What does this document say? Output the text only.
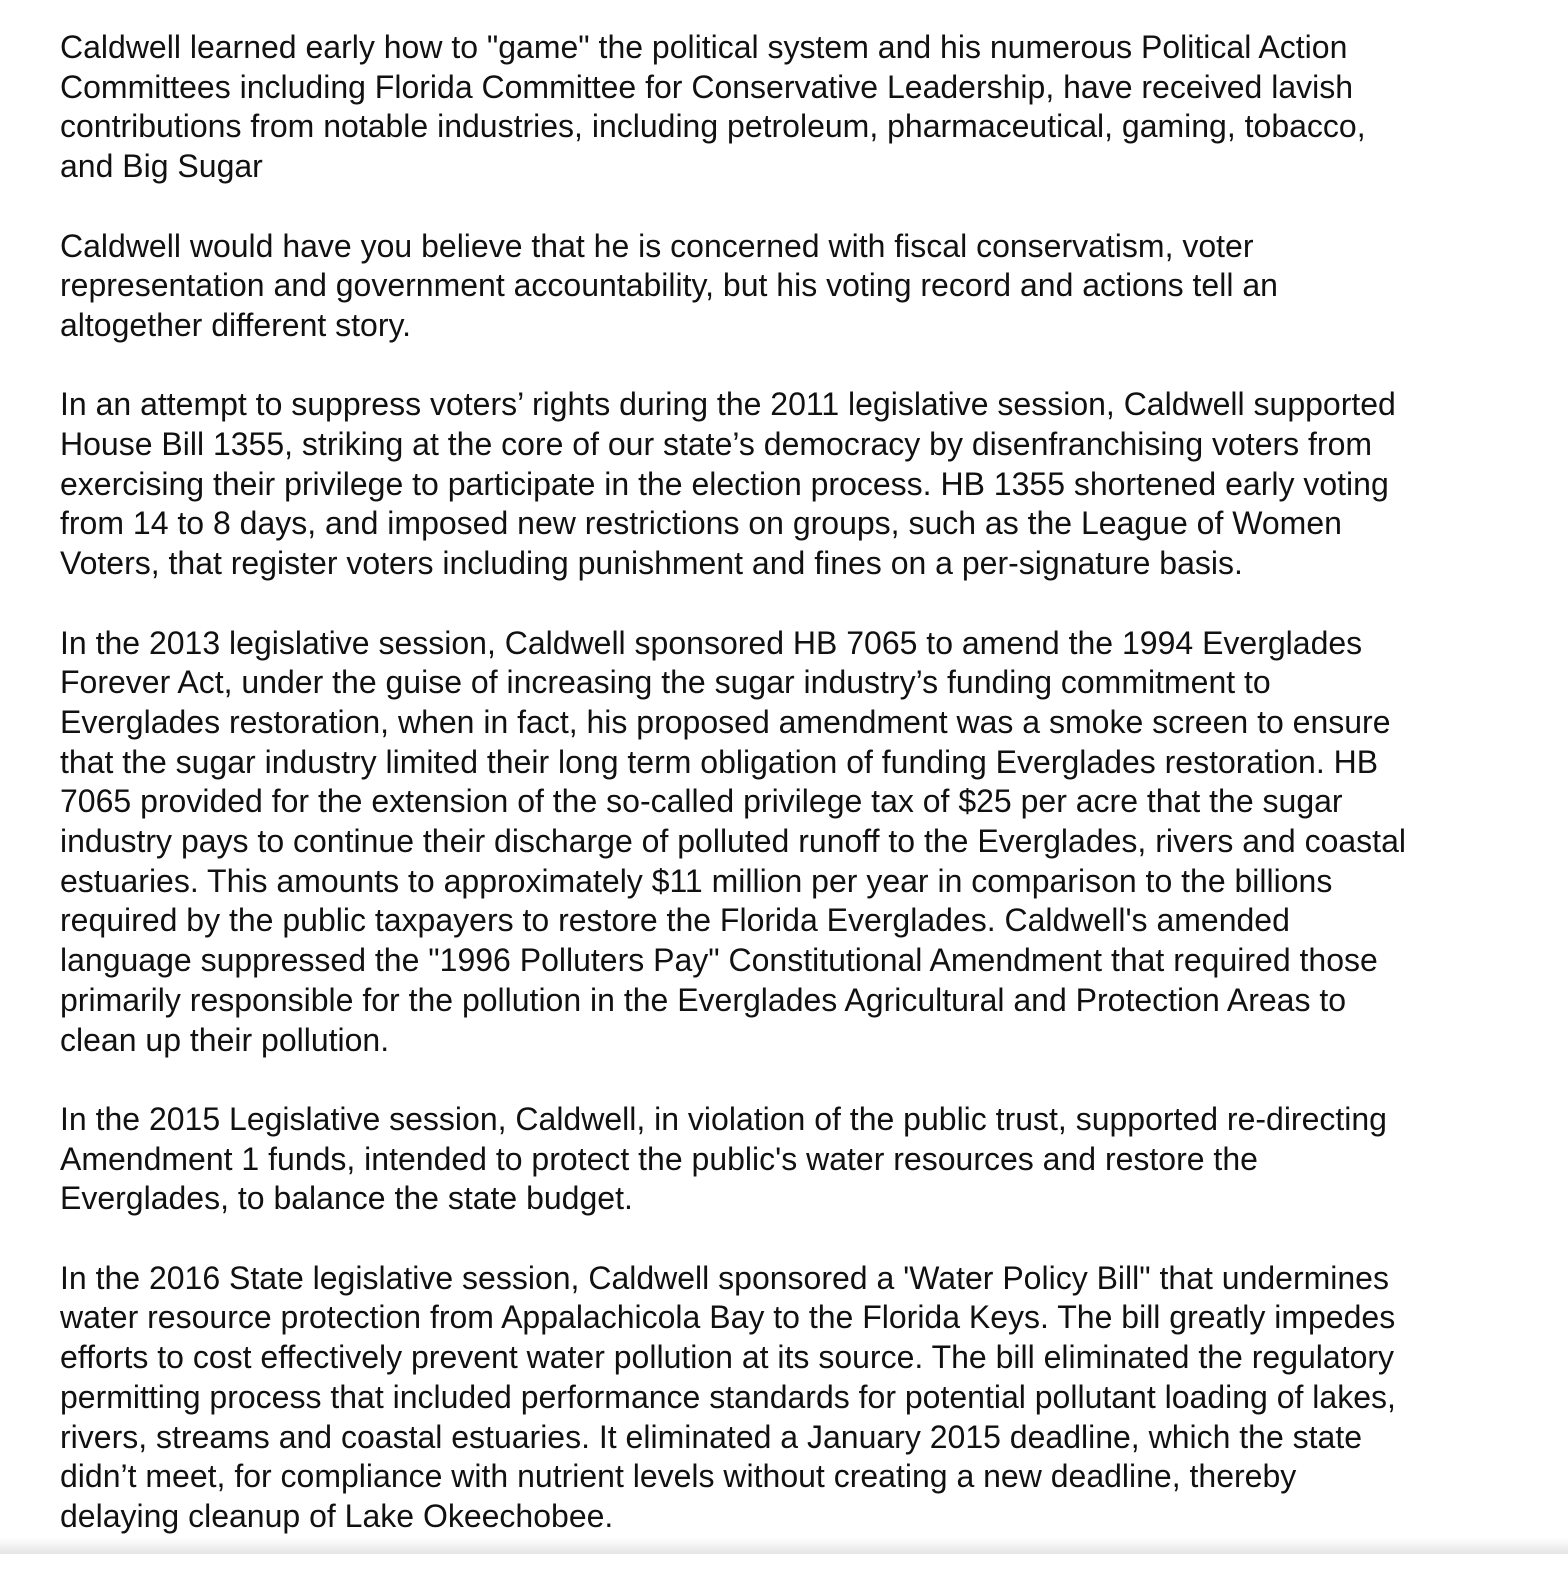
Caldwell learned early how to "game" the political system and his numerous Political Action
Committees including Florida Committee for Conservative Leadership, have received lavish
contributions from notable industries, including petroleum, pharmaceutical, gaming, tobacco,
and Big Sugar

Caldwell would have you believe that he is concerned with fiscal conservatism, voter
representation and government accountability, but his voting record and actions tell an
altogether different story.

In an attempt to suppress voters’ rights during the 2011 legislative session, Caldwell supported
House Bill 1355, striking at the core of our state’s democracy by disenfranchising voters from
exercising their privilege to participate in the election process. HB 1355 shortened early voting
from 14 to 8 days, and imposed new restrictions on groups, such as the League of Women
Voters, that register voters including punishment and fines on a per-signature basis.

In the 2013 legislative session, Caldwell sponsored HB 7065 to amend the 1994 Everglades
Forever Act, under the guise of increasing the sugar industry’s funding commitment to
Everglades restoration, when in fact, his proposed amendment was a smoke screen to ensure
that the sugar industry limited their long term obligation of funding Everglades restoration. HB
7065 provided for the extension of the so-called privilege tax of $25 per acre that the sugar
industry pays to continue their discharge of polluted runoff to the Everglades, rivers and coastal
estuaries. This amounts to approximately $11 million per year in comparison to the billions
required by the public taxpayers to restore the Florida Everglades. Caldwell's amended
language suppressed the "1996 Polluters Pay" Constitutional Amendment that required those
primarily responsible for the pollution in the Everglades Agricultural and Protection Areas to
clean up their pollution.

In the 2015 Legislative session, Caldwell, in violation of the public trust, supported re-directing
Amendment 1 funds, intended to protect the public's water resources and restore the
Everglades, to balance the state budget.

In the 2016 State legislative session, Caldwell sponsored a 'Water Policy Bill" that undermines
water resource protection from Appalachicola Bay to the Florida Keys. The bill greatly impedes
efforts to cost effectively prevent water pollution at its source. The bill eliminated the regulatory
permitting process that included performance standards for potential pollutant loading of lakes,
rivers, streams and coastal estuaries. It eliminated a January 2015 deadline, which the state
didn’t meet, for compliance with nutrient levels without creating a new deadline, thereby
delaying cleanup of Lake Okeechobee.
